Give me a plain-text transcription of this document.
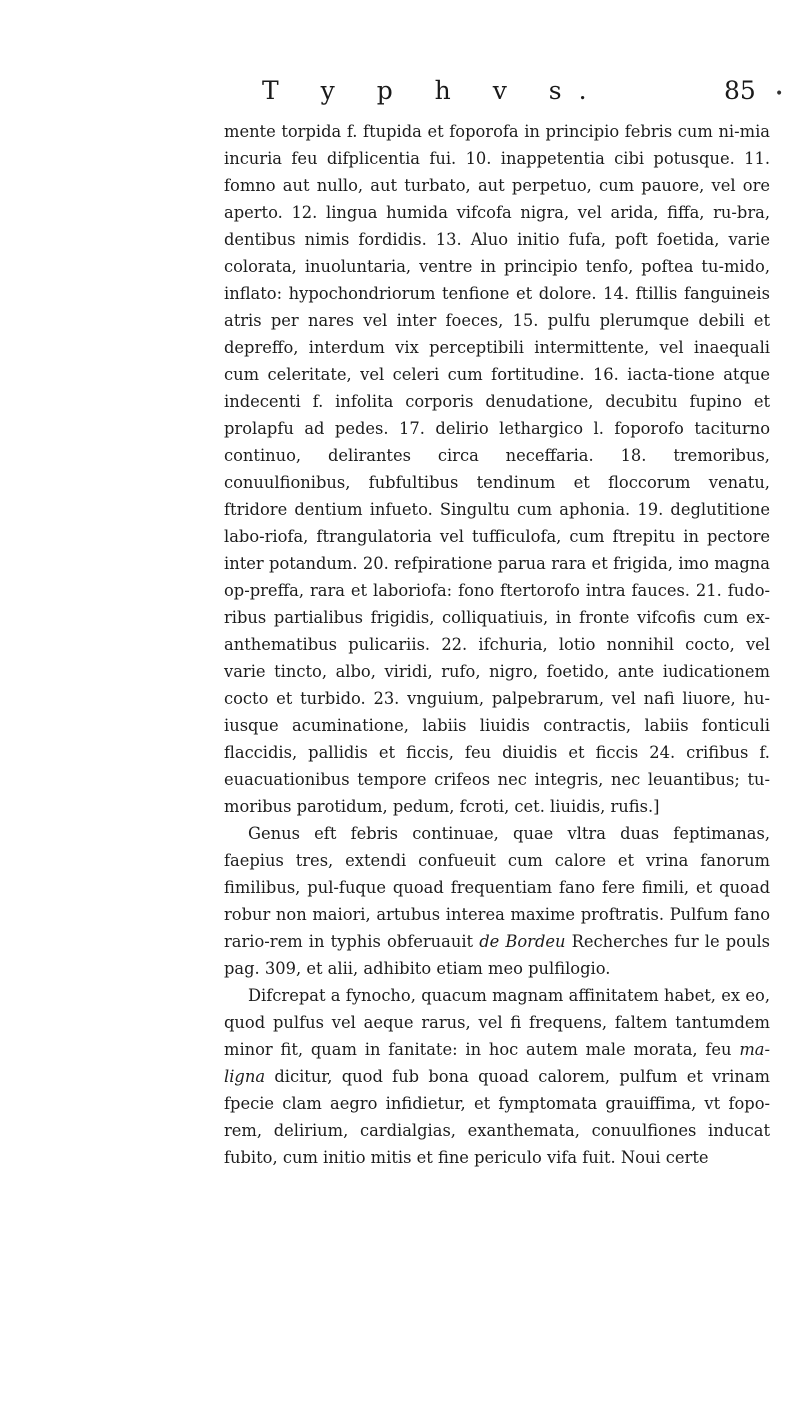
T y p h v s.	85 •

mente torpida f. ftupida et foporofa in principio febris cum ni-mia incuria feu difplicentia fui. 10. inappetentia cibi potusque. 11. fomno aut nullo, aut turbato, aut perpetuo, cum pauore, vel ore aperto. 12. lingua humida vifcofa nigra, vel arida, fiffa, ru-bra, dentibus nimis fordidis. 13. Aluo initio fufa, poft foetida, varie colorata, inuoluntaria, ventre in principio tenfo, poftea tu-mido, inflato: hypochondriorum tenfione et dolore. 14. ftillis fanguineis atris per nares vel inter foeces, 15. pulfu plerumque debili et depreffo, interdum vix perceptibili intermittente, vel inaequali cum celeritate, vel celeri cum fortitudine. 16. iacta-tione atque indecenti f. infolita corporis denudatione, decubitu fupino et prolapfu ad pedes. 17. delirio lethargico l. foporofo taciturno continuo, delirantes circa neceffaria. 18. tremoribus, conuulfionibus, fubfultibus tendinum et floccorum venatu, ftridore dentium infueto. Singultu cum aphonia. 19. deglutitione labo-riofa, ftrangulatoria vel tufficulofa, cum ftrepitu in pectore inter potandum. 20. refpiratione parua rara et frigida, imo magna op-preffa, rara et laboriofa: fono ftertorofo intra fauces. 21. fudo-ribus partialibus frigidis, colliquatiuis, in fronte vifcofis cum ex-anthematibus pulicariis. 22. ifchuria, lotio nonnihil cocto, vel varie tincto, albo, viridi, rufo, nigro, foetido, ante iudicationem cocto et turbido. 23. vnguium, palpebrarum, vel nafi liuore, hu-iusque acuminatione, labiis liuidis contractis, labiis fonticuli flaccidis, pallidis et ficcis, feu diuidis et ficcis 24. crifibus f. euacuationibus tempore crifeos nec integris, nec leuantibus; tu-moribus parotidum, pedum, fcroti, cet. liuidis, rufis.]

Genus eft febris continuae, quae vltra duas feptimanas, faepius tres, extendi confueuit cum calore et vrina fanorum fimilibus, pul-fuque quoad frequentiam fano fere fimili, et quoad robur non maiori, artubus interea maxime proftratis. Pulfum fano rario-rem in typhis obferuauit de Bordeu Recherches fur le pouls pag. 309, et alii, adhibito etiam meo pulfilogio.

Difcrepat a fynocho, quacum magnam affinitatem habet, ex eo, quod pulfus vel aeque rarus, vel fi frequens, faltem tantumdem minor fit, quam in fanitate: in hoc autem male morata, feu ma-ligna dicitur, quod fub bona quoad calorem, pulfum et vrinam fpecie clam aegro infidietur, et fymptomata grauiffima, vt fopo-rem, delirium, cardialgias, exanthemata, conuulfiones inducat fubito, cum initio mitis et fine periculo vifa fuit. Noui certe
